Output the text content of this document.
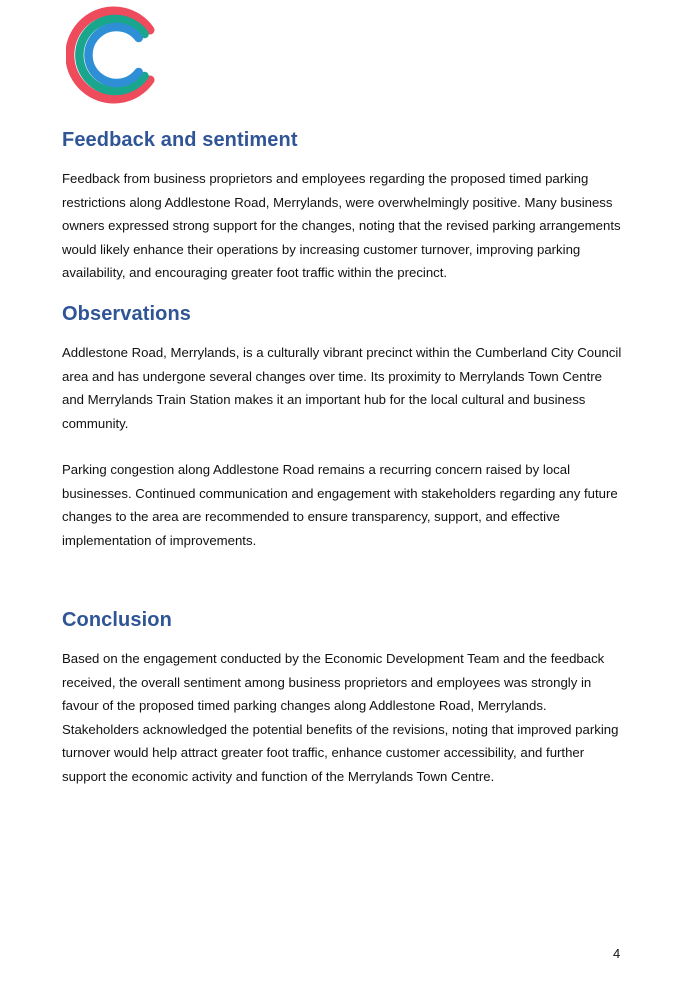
Feedback and sentiment

Feedback from business proprietors and employees regarding the proposed timed parking restrictions along Addlestone Road, Merrylands, were overwhelmingly positive. Many business owners expressed strong support for the changes, noting that the revised parking arrangements would likely enhance their operations by increasing customer turnover, improving parking availability, and encouraging greater foot traffic within the precinct.

Observations

Addlestone Road, Merrylands, is a culturally vibrant precinct within the Cumberland City Council area and has undergone several changes over time. Its proximity to Merrylands Town Centre and Merrylands Train Station makes it an important hub for the local cultural and business community.

Parking congestion along Addlestone Road remains a recurring concern raised by local businesses. Continued communication and engagement with stakeholders regarding any future changes to the area are recommended to ensure transparency, support, and effective implementation of improvements.

Conclusion

Based on the engagement conducted by the Economic Development Team and the feedback received, the overall sentiment among business proprietors and employees was strongly in favour of the proposed timed parking changes along Addlestone Road, Merrylands. Stakeholders acknowledged the potential benefits of the revisions, noting that improved parking turnover would help attract greater foot traffic, enhance customer accessibility, and further support the economic activity and function of the Merrylands Town Centre.

4
